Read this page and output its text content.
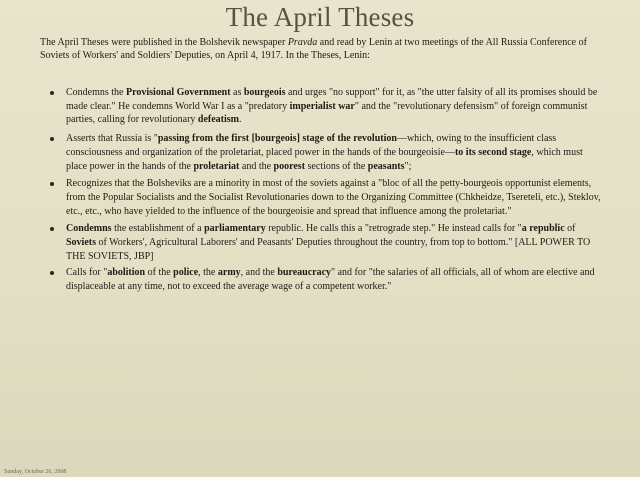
The April Theses
The April Theses were published in the Bolshevik newspaper Pravda and read by Lenin at two meetings of the All Russia Conference of Soviets of Workers' and Soldiers' Deputies, on April 4, 1917. In the Theses, Lenin:
Condemns the Provisional Government as bourgeois and urges "no support" for it, as "the utter falsity of all its promises should be made clear." He condemns World War I as a "predatory imperialist war" and the "revolutionary defensism" of foreign communist parties, calling for revolutionary defeatism.
Asserts that Russia is "passing from the first [bourgeois] stage of the revolution—which, owing to the insufficient class consciousness and organization of the proletariat, placed power in the hands of the bourgeoisie—to its second stage, which must place power in the hands of the proletariat and the poorest sections of the peasants";
Recognizes that the Bolsheviks are a minority in most of the soviets against a "bloc of all the petty-bourgeois opportunist elements, from the Popular Socialists and the Socialist Revolutionaries down to the Organizing Committee (Chkheidze, Tsereteli, etc.), Steklov, etc., etc., who have yielded to the influence of the bourgeoisie and spread that influence among the proletariat."
Condemns the establishment of a parliamentary republic. He calls this a "retrograde step." He instead calls for "a republic of Soviets of Workers', Agricultural Laborers' and Peasants' Deputies throughout the country, from top to bottom." [ALL POWER TO THE SOVIETS, JBP]
Calls for "abolition of the police, the army, and the bureaucracy" and for "the salaries of all officials, all of whom are elective and displaceable at any time, not to exceed the average wage of a competent worker."
Sunday, October 26, 2008
